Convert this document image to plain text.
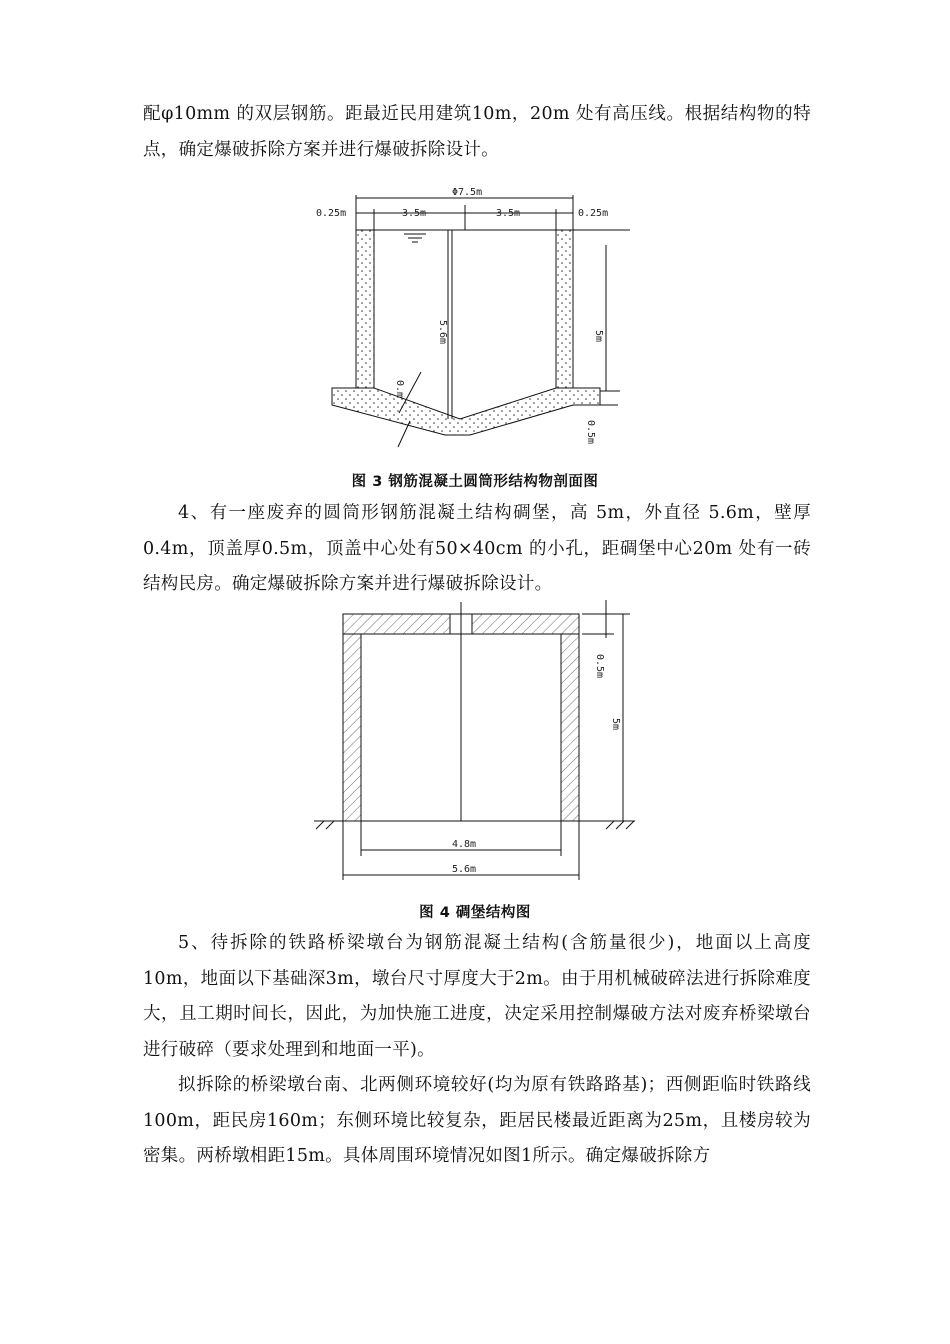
配φ10mm 的双层钢筋。距最近民用建筑10m，20m 处有高压线。根据结构物的特点，确定爆破拆除方案并进行爆破拆除设计。

Φ7.5m
0.25m	3.5m	3.5m	0.25m
5.6m	5m
0.5m
0.m
图 3 钢筋混凝土圆筒形结构物剖面图

4、有一座废弃的圆筒形钢筋混凝土结构碉堡，高 5m，外直径 5.6m，壁厚 0.4m，顶盖厚0.5m，顶盖中心处有50×40cm 的小孔，距碉堡中心20m 处有一砖结构民房。确定爆破拆除方案并进行爆破拆除设计。

0.5m
5m
4.8m
5.6m
图 4 碉堡结构图

5、待拆除的铁路桥梁墩台为钢筋混凝土结构(含筋量很少)，地面以上高度 10m，地面以下基础深3m，墩台尺寸厚度大于2m。由于用机械破碎法进行拆除难度大，且工期时间长，因此，为加快施工进度，决定采用控制爆破方法对废弃桥梁墩台进行破碎（要求处理到和地面一平)。

拟拆除的桥梁墩台南、北两侧环境较好(均为原有铁路路基)；西侧距临时铁路线100m，距民房160m；东侧环境比较复杂，距居民楼最近距离为25m，且楼房较为密集。两桥墩相距15m。具体周围环境情况如图1所示。确定爆破拆除方
